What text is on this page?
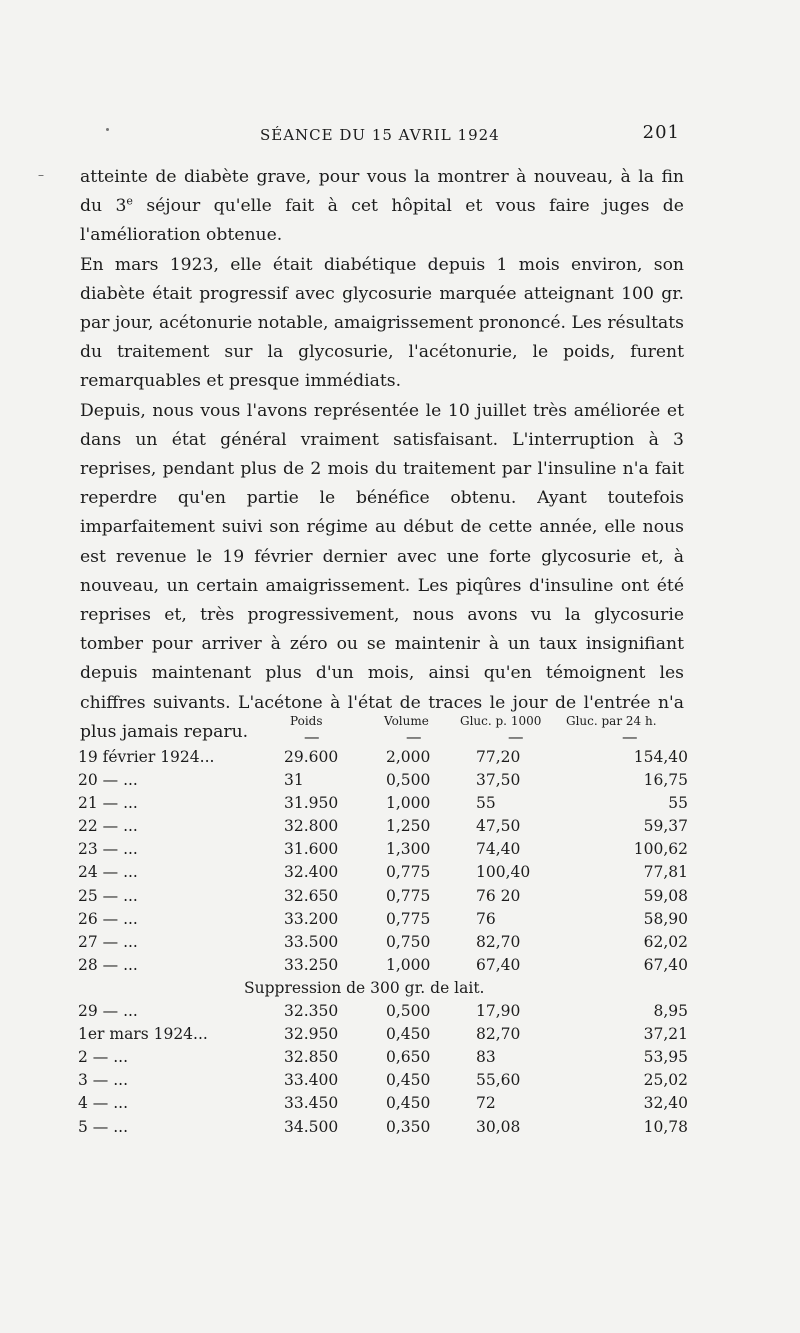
–
SÉANCE DU 15 AVRIL 1924	201

atteinte de diabète grave, pour vous la montrer à nouveau, à la fin du 3e séjour qu'elle fait à cet hôpital et vous faire juges de l'amélioration obtenue.

En mars 1923, elle était diabétique depuis 1 mois environ, son diabète était progressif avec glycosurie marquée atteignant 100 gr. par jour, acétonurie notable, amaigrissement prononcé. Les résultats du traitement sur la glycosurie, l'acétonurie, le poids, furent remarquables et presque immédiats.

Depuis, nous vous l'avons représentée le 10 juillet très améliorée et dans un état général vraiment satisfaisant. L'interruption à 3 reprises, pendant plus de 2 mois du traitement par l'insuline n'a fait reperdre qu'en partie le bénéfice obtenu. Ayant toutefois imparfaitement suivi son régime au début de cette année, elle nous est revenue le 19 février dernier avec une forte glycosurie et, à nouveau, un certain amaigrissement. Les piqûres d'insuline ont été reprises et, très progressivement, nous avons vu la glycosurie tomber pour arriver à zéro ou se maintenir à un taux insignifiant depuis maintenant plus d'un mois, ainsi qu'en témoignent les chiffres suivants. L'acétone à l'état de traces le jour de l'entrée n'a plus jamais reparu.

Poids	Volume	Gluc. p. 1000 Gluc. par 24 h.
—	—	—	—
19 février 1924...	29.600	2,000	77,20	154,40
20 — ...	31	0,500	37,50	16,75
21 — ...	31.950	1,000	55	55
22 — ...	32.800	1,250	47,50	59,37
23 — ...	31.600	1,300	74,40	100,62
24 — ...	32.400	0,775	100,40	77,81
25 — ...	32.650	0,775	76 20	59,08
26 — ...	33.200	0,775	76	58,90
27 — ...	33.500	0,750	82,70	62,02
28 — ...	33.250	1,000	67,40	67,40
Suppression de 300 gr. de lait.
29 — ...	32.350	0,500	17,90	8,95
1er mars 1924...	32.950	0,450	82,70	37,21
2 — ...	32.850	0,650	83	53,95
3 — ...	33.400	0,450	55,60	25,02
4 — ...	33.450	0,450	72	32,40
5 — ...	34.500	0,350	30,08	10,78
